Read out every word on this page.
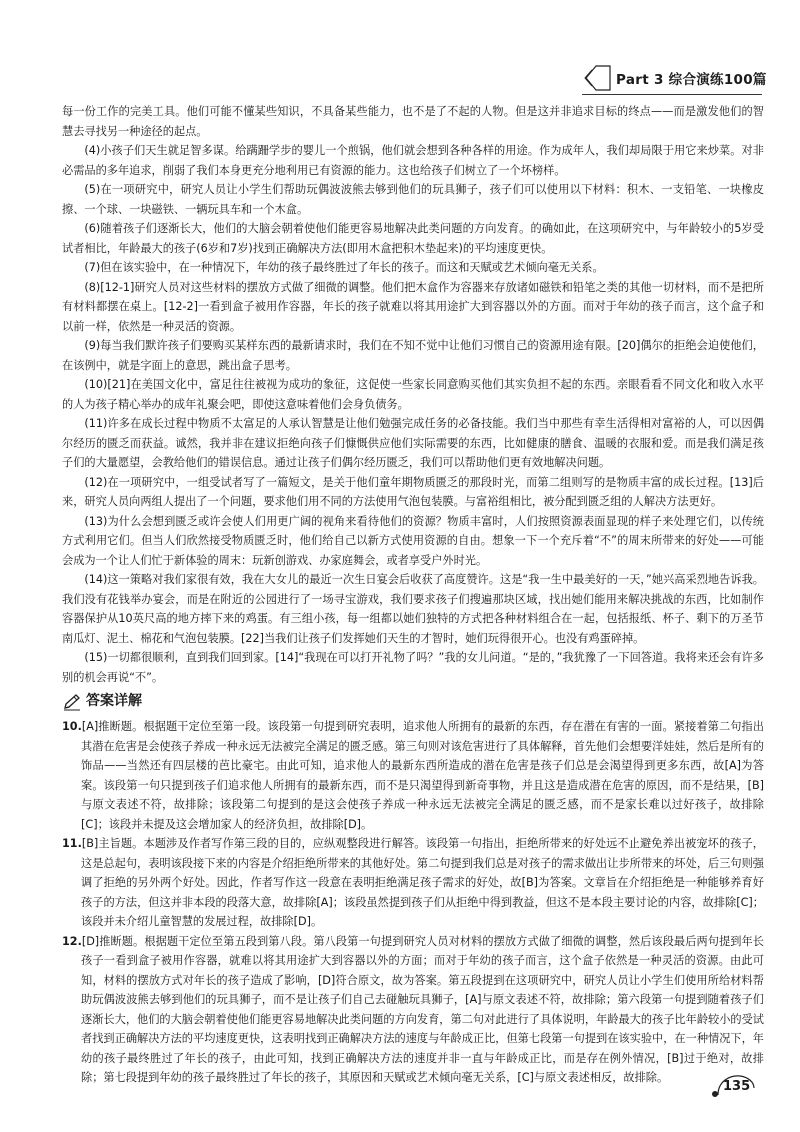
Part 3 综合演练100篇

每一份工作的完美工具。他们可能不懂某些知识，不具备某些能力，也不是了不起的人物。但是这并非追求目标的终点——而是激发他们的智慧去寻找另一种途径的起点。

(4)小孩子们天生就足智多谋。给蹒跚学步的婴儿一个煎锅，他们就会想到各种各样的用途。作为成年人，我们却局限于用它来炒菜。对非必需品的多年追求，削弱了我们本身更充分地利用已有资源的能力。这也给孩子们树立了一个坏榜样。

(5)在一项研究中，研究人员让小学生们帮助玩偶波波熊去够到他们的玩具狮子，孩子们可以使用以下材料：积木、一支铅笔、一块橡皮擦、一个球、一块磁铁、一辆玩具车和一个木盒。

(6)随着孩子们逐渐长大，他们的大脑会朝着使他们能更容易地解决此类问题的方向发育。的确如此，在这项研究中，与年龄较小的5岁受试者相比，年龄最大的孩子(6岁和7岁)找到正确解决方法(即用木盒把积木垫起来)的平均速度更快。

(7)但在该实验中，在一种情况下，年幼的孩子最终胜过了年长的孩子。而这和天赋或艺术倾向毫无关系。

(8)[12-1]研究人员对这些材料的摆放方式做了细微的调整。他们把木盒作为容器来存放诸如磁铁和铅笔之类的其他一切材料，而不是把所有材料都摆在桌上。[12-2]一看到盒子被用作容器，年长的孩子就难以将其用途扩大到容器以外的方面。而对于年幼的孩子而言，这个盒子和以前一样，依然是一种灵活的资源。

(9)每当我们默许孩子们要购买某样东西的最新请求时，我们在不知不觉中让他们习惯自己的资源用途有限。[20]偶尔的拒绝会迫使他们，在该例中，就是字面上的意思，跳出盒子思考。

(10)[21]在美国文化中，富足往往被视为成功的象征，这促使一些家长同意购买他们其实负担不起的东西。亲眼看看不同文化和收入水平的人为孩子精心举办的成年礼聚会吧，即使这意味着他们会身负债务。

(11)许多在成长过程中物质不太富足的人承认智慧是让他们勉强完成任务的必备技能。我们当中那些有幸生活得相对富裕的人，可以因偶尔经历的匮乏而获益。诚然，我并非在建议拒绝向孩子们慷慨供应他们实际需要的东西，比如健康的膳食、温暖的衣服和爱。而是我们满足孩子们的大量愿望，会教给他们的错误信息。通过让孩子们偶尔经历匮乏，我们可以帮助他们更有效地解决问题。

(12)在一项研究中，一组受试者写了一篇短文，是关于他们童年期物质匮乏的那段时光，而第二组则写的是物质丰富的成长过程。[13]后来，研究人员向两组人提出了一个问题，要求他们用不同的方法使用气泡包装膜。与富裕组相比，被分配到匮乏组的人解决方法更好。

(13)为什么会想到匮乏或许会使人们用更广阔的视角来看待他们的资源？物质丰富时，人们按照资源表面显现的样子来处理它们，以传统方式利用它们。但当人们欣然接受物质匮乏时，他们给自己以新方式使用资源的自由。想象一下一个充斥着“不”的周末所带来的好处——可能会成为一个让人们忙于新体验的周末：玩新创游戏、办家庭舞会，或者享受户外时光。

(14)这一策略对我们家很有效，我在大女儿的最近一次生日宴会后收获了高度赞许。这是“我一生中最美好的一天，”她兴高采烈地告诉我。我们没有花钱举办宴会，而是在附近的公园进行了一场寻宝游戏，我们要求孩子们搜遍那块区域，找出她们能用来解决挑战的东西，比如制作容器保护从10英尺高的地方摔下来的鸡蛋。有三组小孩，每一组都以她们独特的方式把各种材料组合在一起，包括报纸、杯子、剩下的万圣节南瓜灯、泥土、棉花和气泡包装膜。[22]当我们让孩子们发挥她们天生的才智时，她们玩得很开心。也没有鸡蛋碎掉。

(15)一切都很顺利，直到我们回到家。[14]“我现在可以打开礼物了吗？”我的女儿问道。“是的，”我犹豫了一下回答道。我将来还会有许多别的机会再说“不”。

答案详解

10.[A]推断题。根据题干定位至第一段。该段第一句提到研究表明，追求他人所拥有的最新的东西，存在潜在有害的一面。紧接着第二句指出其潜在危害是会使孩子养成一种永远无法被完全满足的匮乏感。第三句则对该危害进行了具体解释，首先他们会想要洋娃娃，然后是所有的饰品——当然还有四层楼的芭比豪宅。由此可知，追求他人的最新东西所造成的潜在危害是孩子们总是会渴望得到更多东西，故[A]为答案。该段第一句只提到孩子们追求他人所拥有的最新东西，而不是只渴望得到新奇事物，并且这是造成潜在危害的原因，而不是结果，[B]与原文表述不符，故排除；该段第二句提到的是这会使孩子养成一种永远无法被完全满足的匮乏感，而不是家长难以过好孩子，故排除[C]；该段并未提及这会增加家人的经济负担，故排除[D]。

11.[B]主旨题。本题涉及作者写作第三段的目的，应纵观整段进行解答。该段第一句指出，拒绝所带来的好处远不止避免养出被宠坏的孩子，这是总起句，表明该段接下来的内容是介绍拒绝所带来的其他好处。第二句提到我们总是对孩子的需求做出让步所带来的坏处，后三句则强调了拒绝的另外两个好处。因此，作者写作这一段意在表明拒绝满足孩子需求的好处，故[B]为答案。文章旨在介绍拒绝是一种能够养育好孩子的方法，但这并非本段的段落大意，故排除[A]；该段虽然提到孩子们从拒绝中得到教益，但这不是本段主要讨论的内容，故排除[C]；该段并未介绍儿童智慧的发展过程，故排除[D]。

12.[D]推断题。根据题干定位至第五段到第八段。第八段第一句提到研究人员对材料的摆放方式做了细微的调整，然后该段最后两句提到年长孩子一看到盒子被用作容器，就难以将其用途扩大到容器以外的方面；而对于年幼的孩子而言，这个盒子依然是一种灵活的资源。由此可知，材料的摆放方式对年长的孩子造成了影响，[D]符合原文，故为答案。第五段提到在这项研究中，研究人员让小学生们使用所给材料帮助玩偶波波熊去够到他们的玩具狮子，而不是让孩子们自己去碰触玩具狮子，[A]与原文表述不符，故排除；第六段第一句提到随着孩子们逐渐长大，他们的大脑会朝着使他们能更容易地解决此类问题的方向发育，第二句对此进行了具体说明，年龄最大的孩子比年龄较小的受试者找到正确解决方法的平均速度更快，这表明找到正确解决方法的速度与年龄成正比，但第七段第一句提到在该实验中，在一种情况下，年幼的孩子最终胜过了年长的孩子，由此可知，找到正确解决方法的速度并非一直与年龄成正比，而是存在例外情况，[B]过于绝对，故排除；第七段提到年幼的孩子最终胜过了年长的孩子，其原因和天赋或艺术倾向毫无关系，[C]与原文表述相反，故排除。

135
